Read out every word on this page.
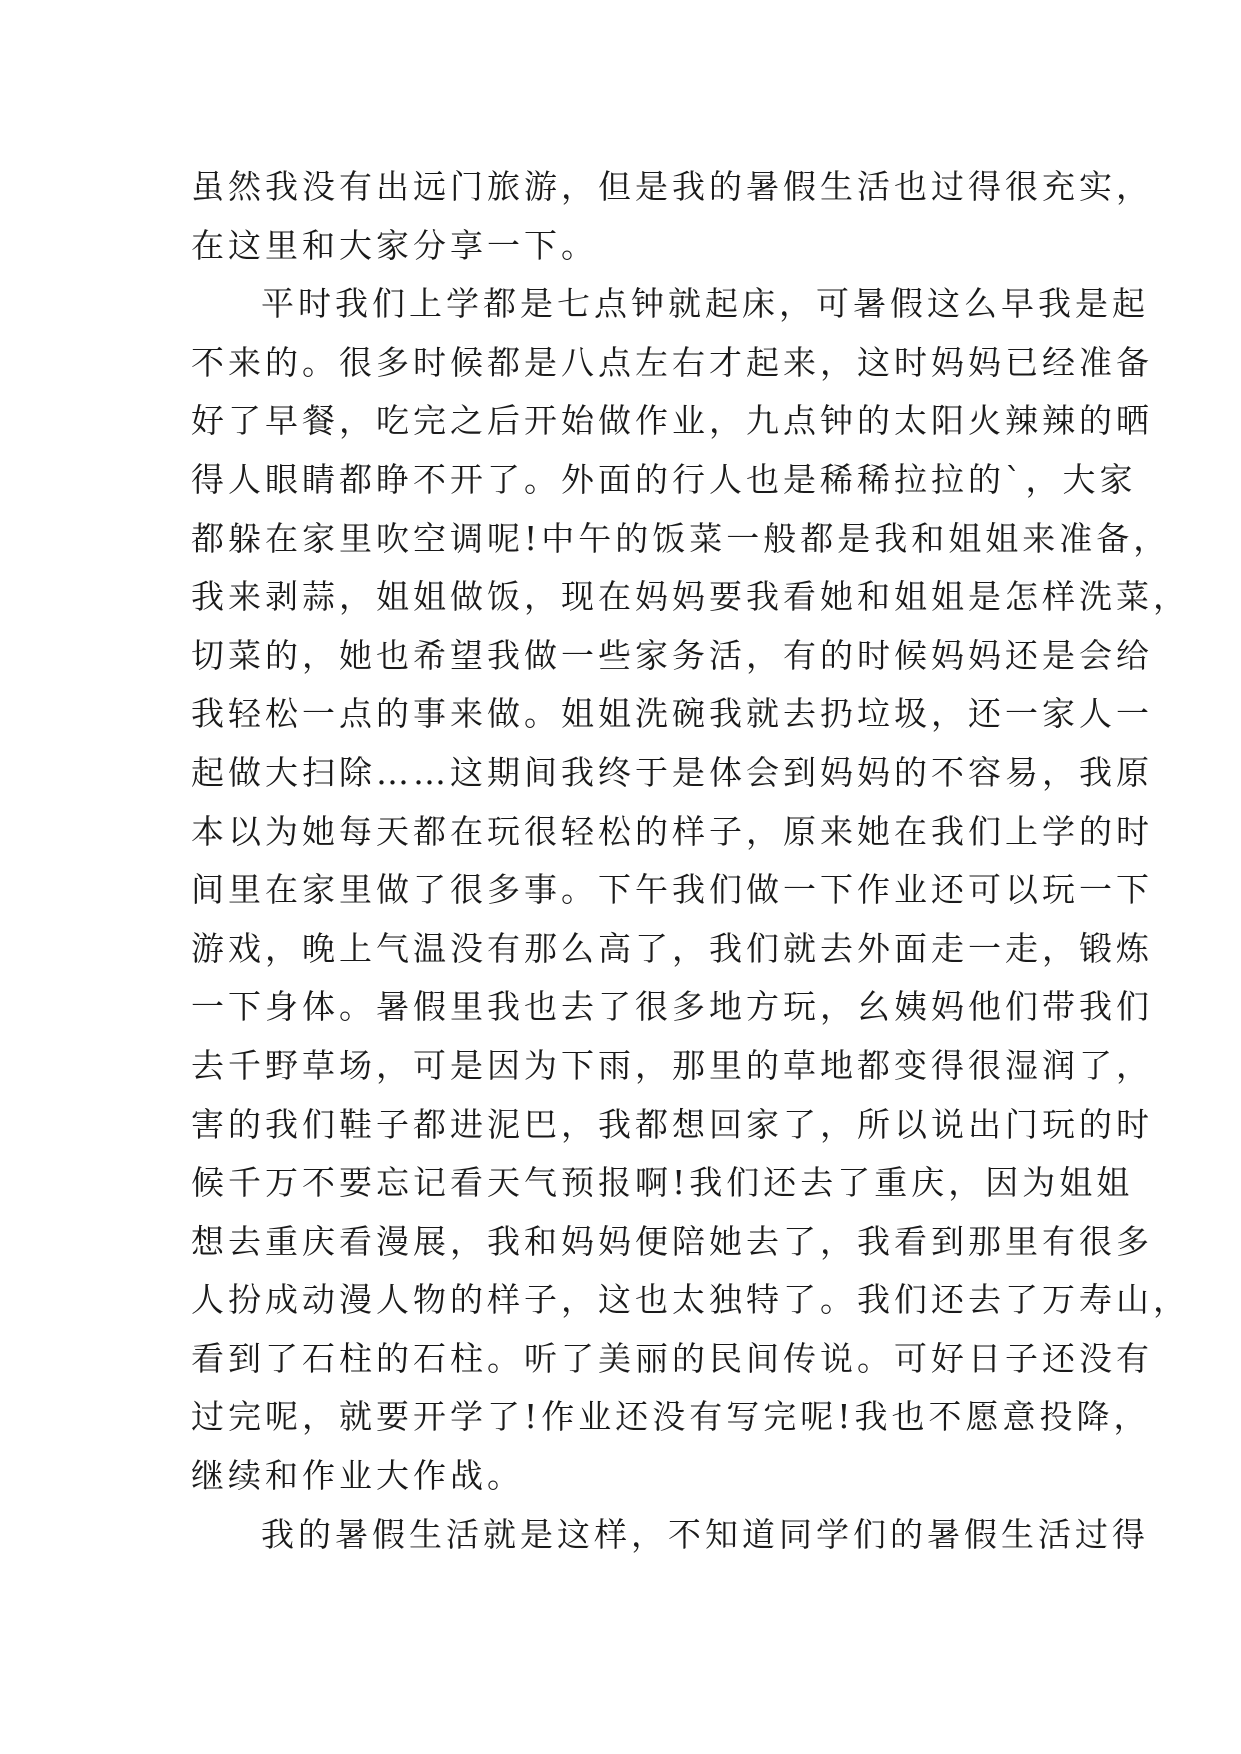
虽然我没有出远门旅游，但是我的暑假生活也过得很充实，
在这里和大家分享一下。
平时我们上学都是七点钟就起床，可暑假这么早我是起
不来的。很多时候都是八点左右才起来，这时妈妈已经准备
好了早餐，吃完之后开始做作业，九点钟的太阳火辣辣的晒
得人眼睛都睁不开了。外面的行人也是稀稀拉拉的`，大家
都躲在家里吹空调呢!中午的饭菜一般都是我和姐姐来准备，
我来剥蒜，姐姐做饭，现在妈妈要我看她和姐姐是怎样洗菜，
切菜的，她也希望我做一些家务活，有的时候妈妈还是会给
我轻松一点的事来做。姐姐洗碗我就去扔垃圾，还一家人一
起做大扫除……这期间我终于是体会到妈妈的不容易，我原
本以为她每天都在玩很轻松的样子，原来她在我们上学的时
间里在家里做了很多事。下午我们做一下作业还可以玩一下
游戏，晚上气温没有那么高了，我们就去外面走一走，锻炼
一下身体。暑假里我也去了很多地方玩，幺姨妈他们带我们
去千野草场，可是因为下雨，那里的草地都变得很湿润了，
害的我们鞋子都进泥巴，我都想回家了，所以说出门玩的时
候千万不要忘记看天气预报啊!我们还去了重庆，因为姐姐
想去重庆看漫展，我和妈妈便陪她去了，我看到那里有很多
人扮成动漫人物的样子，这也太独特了。我们还去了万寿山，
看到了石柱的石柱。听了美丽的民间传说。可好日子还没有
过完呢，就要开学了!作业还没有写完呢!我也不愿意投降，
继续和作业大作战。
我的暑假生活就是这样，不知道同学们的暑假生活过得
